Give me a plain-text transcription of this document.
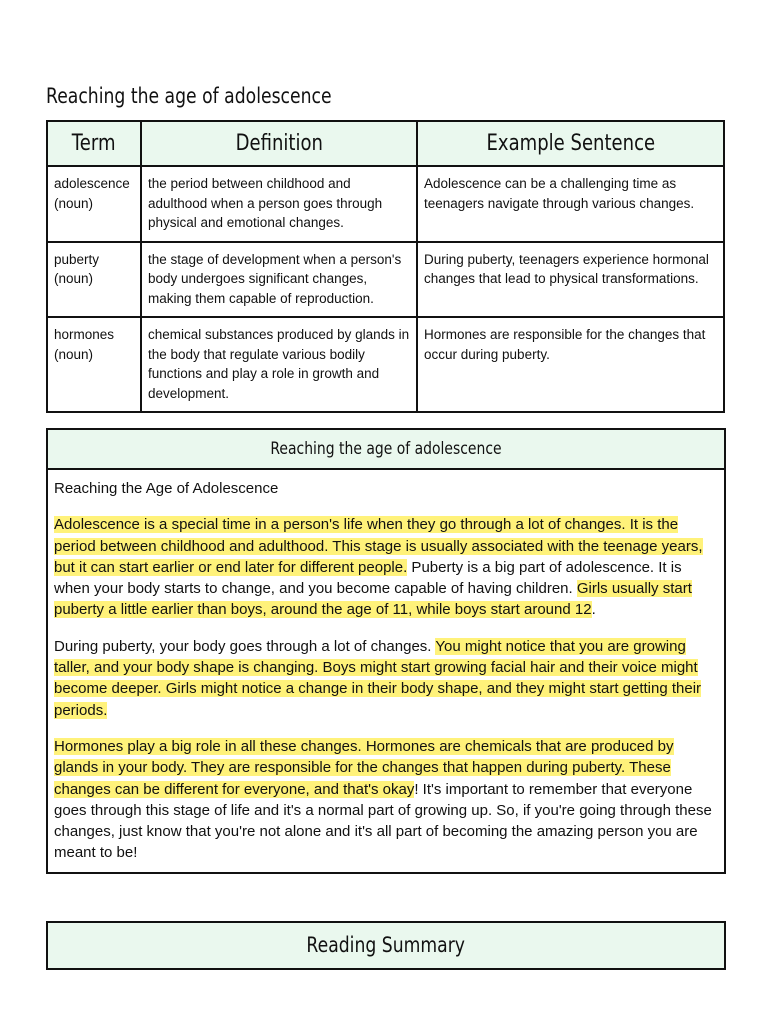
Reaching the age of adolescence
Term	Definition	Example Sentence
adolescence (noun)	the period between childhood and adulthood when a person goes through physical and emotional changes.	Adolescence can be a challenging time as teenagers navigate through various changes.
puberty (noun)	the stage of development when a person's body undergoes significant changes, making them capable of reproduction.	During puberty, teenagers experience hormonal changes that lead to physical transformations.
hormones (noun)	chemical substances produced by glands in the body that regulate various bodily functions and play a role in growth and development.	Hormones are responsible for the changes that occur during puberty.
Reaching the age of adolescence

Reaching the Age of Adolescence

Adolescence is a special time in a person's life when they go through a lot of changes. It is the period between childhood and adulthood. This stage is usually associated with the teenage years, but it can start earlier or end later for different people. Puberty is a big part of adolescence. It is when your body starts to change, and you become capable of having children. Girls usually start puberty a little earlier than boys, around the age of 11, while boys start around 12.

During puberty, your body goes through a lot of changes. You might notice that you are growing taller, and your body shape is changing. Boys might start growing facial hair and their voice might become deeper. Girls might notice a change in their body shape, and they might start getting their periods.

Hormones play a big role in all these changes. Hormones are chemicals that are produced by glands in your body. They are responsible for the changes that happen during puberty. These changes can be different for everyone, and that's okay! It's important to remember that everyone goes through this stage of life and it's a normal part of growing up. So, if you're going through these changes, just know that you're not alone and it's all part of becoming the amazing person you are meant to be!

Reading Summary
